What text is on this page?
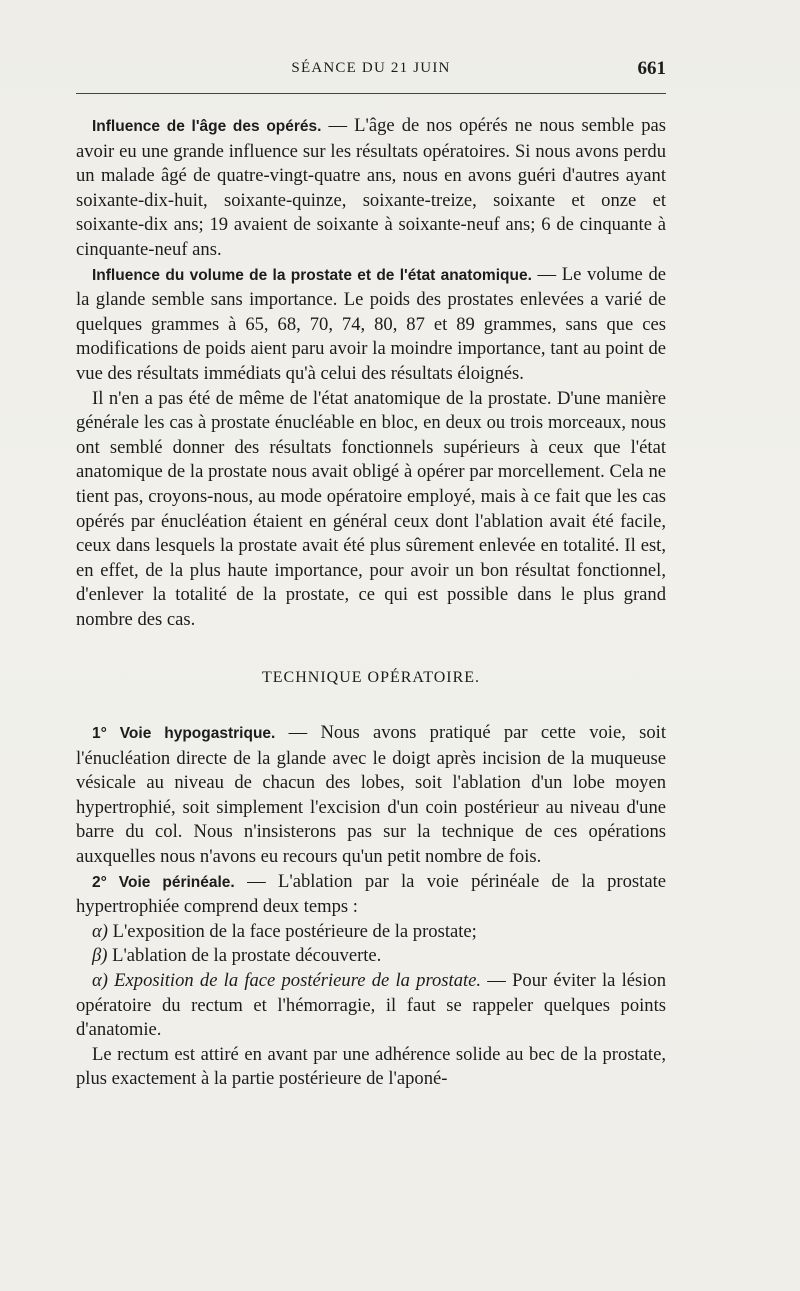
SÉANCE DU 21 JUIN	661

Influence de l'âge des opérés. — L'âge de nos opérés ne nous semble pas avoir eu une grande influence sur les résultats opératoires. Si nous avons perdu un malade âgé de quatre-vingt-quatre ans, nous en avons guéri d'autres ayant soixante-dix-huit, soixante-quinze, soixante-treize, soixante et onze et soixante-dix ans; 19 avaient de soixante à soixante-neuf ans; 6 de cinquante à cinquante-neuf ans.

Influence du volume de la prostate et de l'état anatomique. — Le volume de la glande semble sans importance. Le poids des prostates enlevées a varié de quelques grammes à 65, 68, 70, 74, 80, 87 et 89 grammes, sans que ces modifications de poids aient paru avoir la moindre importance, tant au point de vue des résultats immédiats qu'à celui des résultats éloignés.

Il n'en a pas été de même de l'état anatomique de la prostate. D'une manière générale les cas à prostate énucléable en bloc, en deux ou trois morceaux, nous ont semblé donner des résultats fonctionnels supérieurs à ceux que l'état anatomique de la prostate nous avait obligé à opérer par morcellement. Cela ne tient pas, croyons-nous, au mode opératoire employé, mais à ce fait que les cas opérés par énucléation étaient en général ceux dont l'ablation avait été facile, ceux dans lesquels la prostate avait été plus sûrement enlevée en totalité. Il est, en effet, de la plus haute importance, pour avoir un bon résultat fonctionnel, d'enlever la totalité de la prostate, ce qui est possible dans le plus grand nombre des cas.

TECHNIQUE OPÉRATOIRE.

1° Voie hypogastrique. — Nous avons pratiqué par cette voie, soit l'énucléation directe de la glande avec le doigt après incision de la muqueuse vésicale au niveau de chacun des lobes, soit l'ablation d'un lobe moyen hypertrophié, soit simplement l'excision d'un coin postérieur au niveau d'une barre du col. Nous n'insisterons pas sur la technique de ces opérations auxquelles nous n'avons eu recours qu'un petit nombre de fois.

2° Voie périnéale. — L'ablation par la voie périnéale de la prostate hypertrophiée comprend deux temps :

α) L'exposition de la face postérieure de la prostate;

β) L'ablation de la prostate découverte.

α) Exposition de la face postérieure de la prostate. — Pour éviter la lésion opératoire du rectum et l'hémorragie, il faut se rappeler quelques points d'anatomie.

Le rectum est attiré en avant par une adhérence solide au bec de la prostate, plus exactement à la partie postérieure de l'aponé-
